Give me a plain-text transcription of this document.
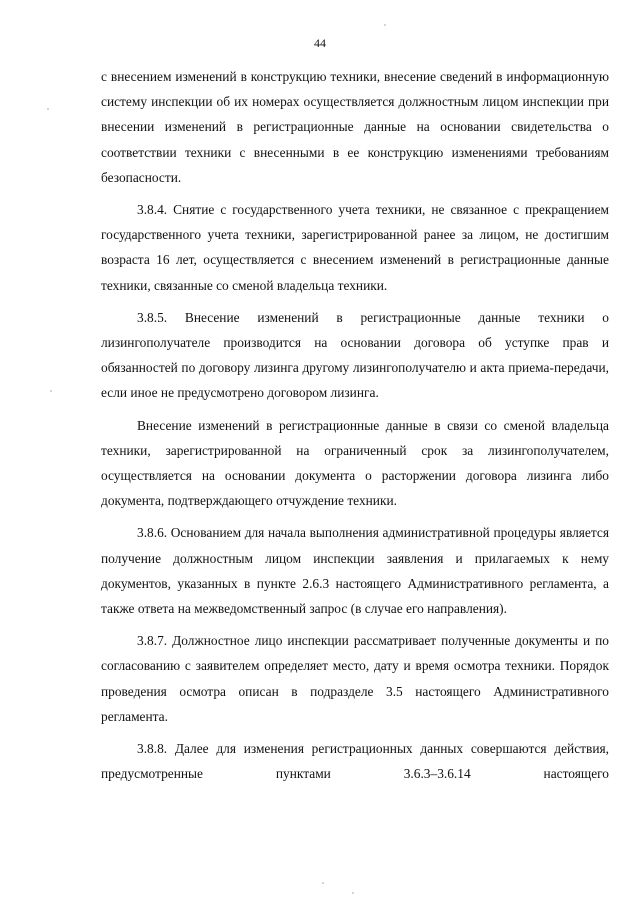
44

с внесением изменений в конструкцию техники, внесение сведений в информационную систему инспекции об их номерах осуществляется должностным лицом инспекции при внесении изменений в регистрационные данные на основании свидетельства о соответствии техники с внесенными в ее конструкцию изменениями требованиям безопасности.

3.8.4. Снятие с государственного учета техники, не связанное с прекращением государственного учета техники, зарегистрированной ранее за лицом, не достигшим возраста 16 лет, осуществляется с внесением изменений в регистрационные данные техники, связанные со сменой владельца техники.

3.8.5. Внесение изменений в регистрационные данные техники о лизингополучателе производится на основании договора об уступке прав и обязанностей по договору лизинга другому лизингополучателю и акта приема-передачи, если иное не предусмотрено договором лизинга.

Внесение изменений в регистрационные данные в связи со сменой владельца техники, зарегистрированной на ограниченный срок за лизингополучателем, осуществляется на основании документа о расторжении договора лизинга либо документа, подтверждающего отчуждение техники.

3.8.6. Основанием для начала выполнения административной процедуры является получение должностным лицом инспекции заявления и прилагаемых к нему документов, указанных в пункте 2.6.3 настоящего Административного регламента, а также ответа на межведомственный запрос (в случае его направления).

3.8.7. Должностное лицо инспекции рассматривает полученные документы и по согласованию с заявителем определяет место, дату и время осмотра техники. Порядок проведения осмотра описан в подразделе 3.5 настоящего Административного регламента.

3.8.8. Далее для изменения регистрационных данных совершаются действия, предусмотренные пунктами 3.6.3–3.6.14 настоящего
